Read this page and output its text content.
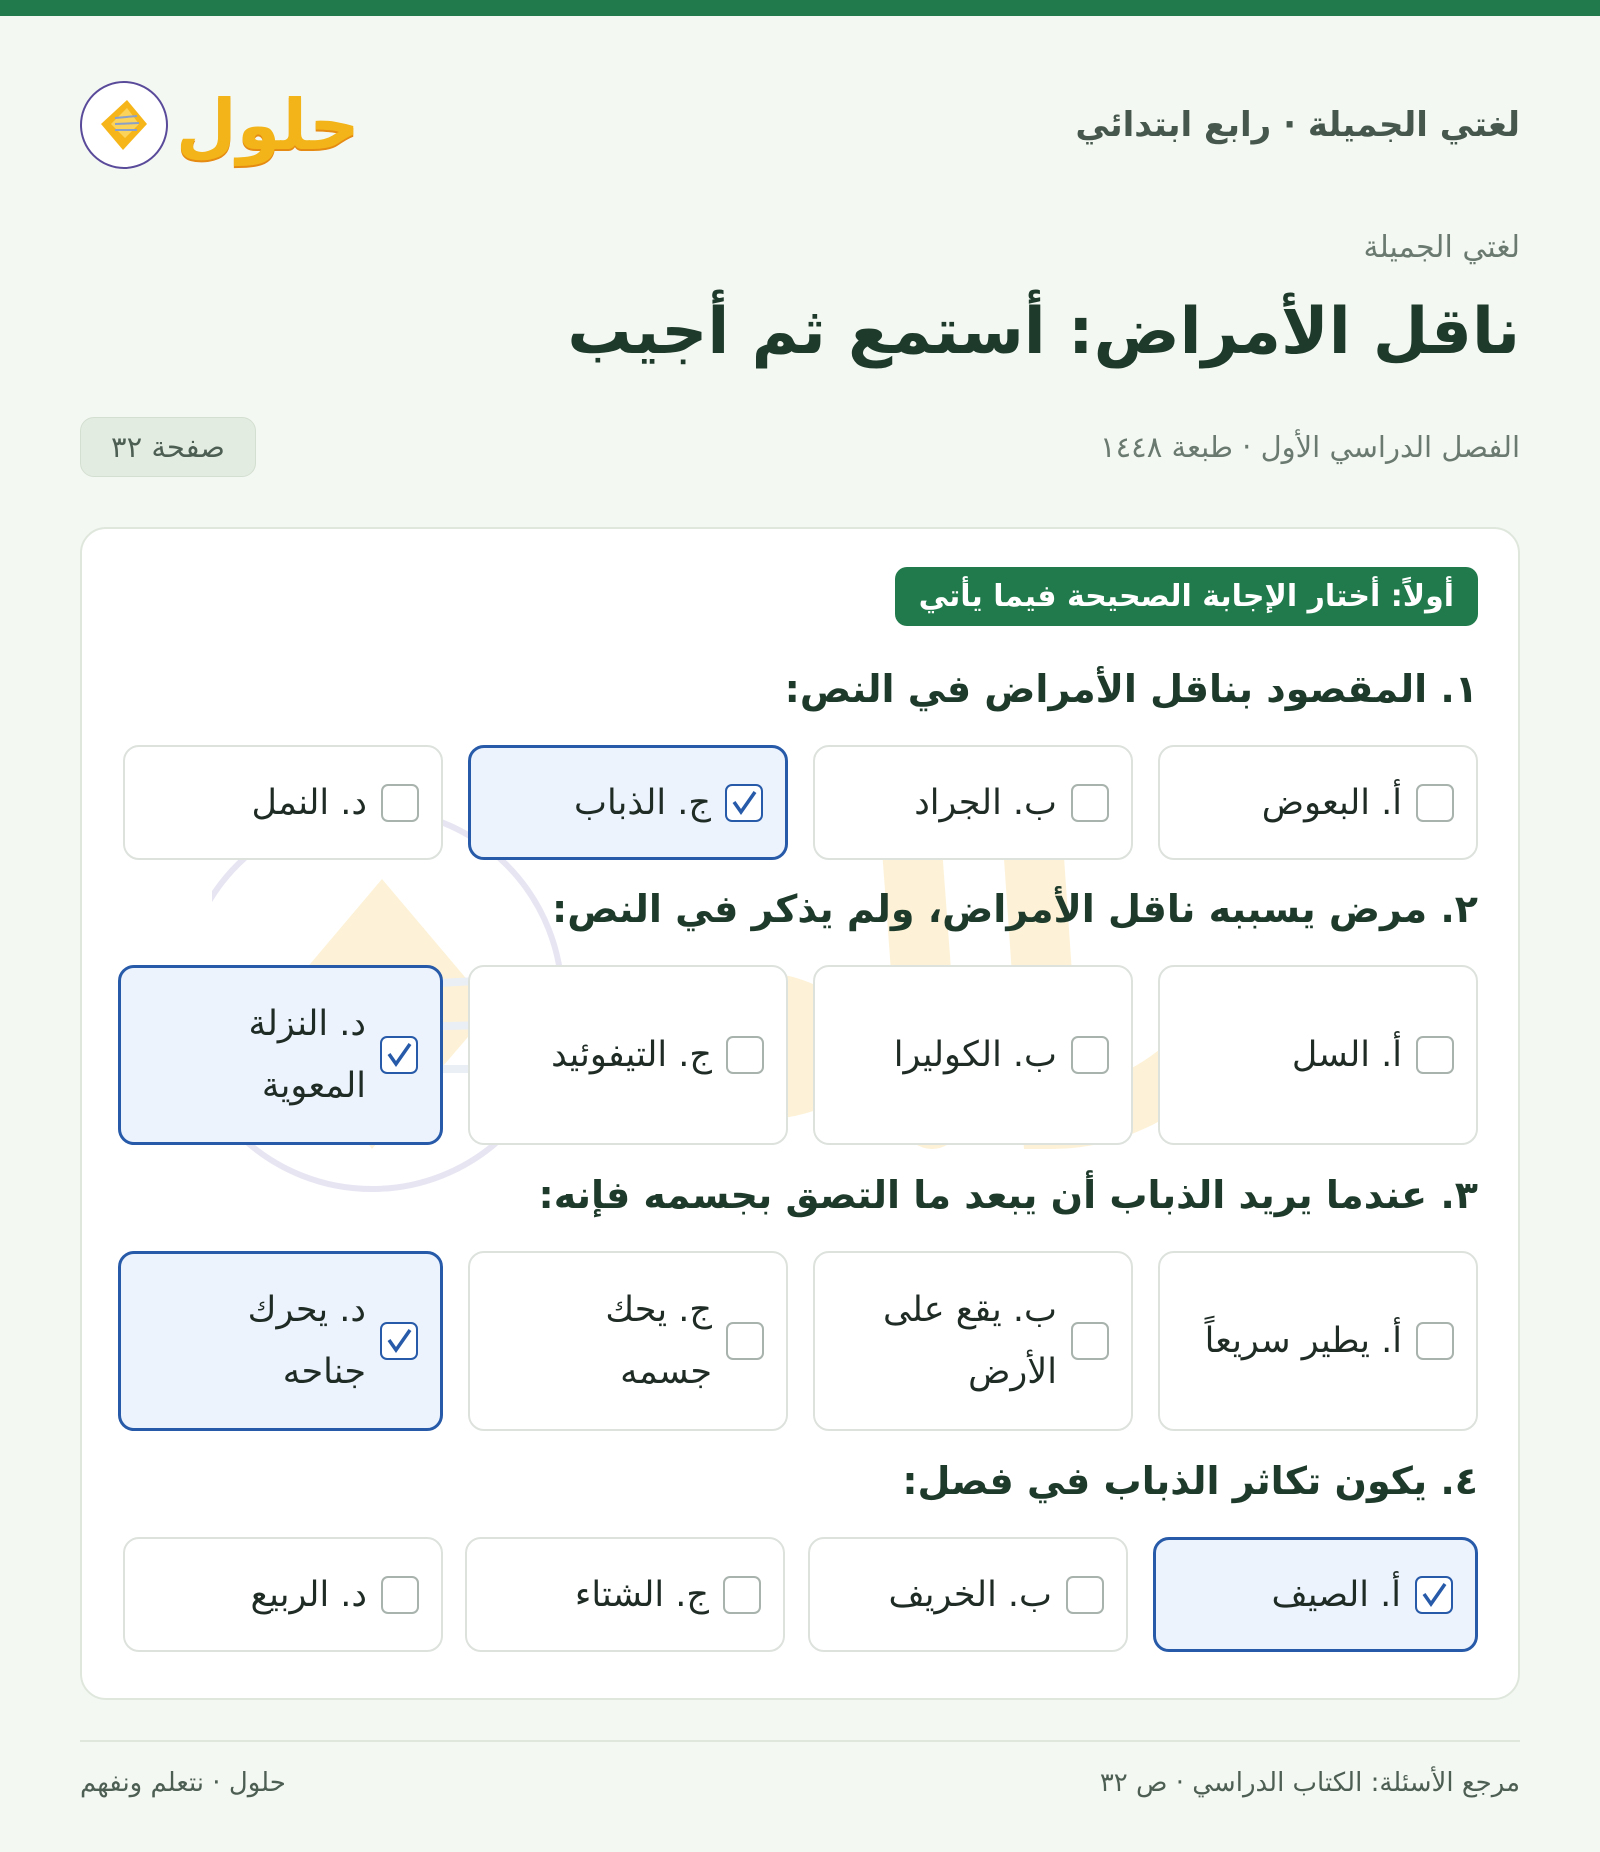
لغتي الجميلة · رابع ابتدائي
حلول
لغتي الجميلة
ناقل الأمراض: أستمع ثم أجيب
الفصل الدراسي الأول · طبعة ١٤٤٨
صفحة ٣٢
أولاً: أختار الإجابة الصحيحة فيما يأتي
١. المقصود بناقل الأمراض في النص:
أ. البعوض
ب. الجراد
ج. الذباب
د. النمل
٢. مرض يسببه ناقل الأمراض، ولم يذكر في النص:
أ. السل
ب. الكوليرا
ج. التيفوئيد
د. النزلة المعوية
٣. عندما يريد الذباب أن يبعد ما التصق بجسمه فإنه:
أ. يطير سريعاً
ب. يقع على الأرض
ج. يحك جسمه
د. يحرك جناحه
٤. يكون تكاثر الذباب في فصل:
أ. الصيف
ب. الخريف
ج. الشتاء
د. الربيع
مرجع الأسئلة: الكتاب الدراسي · ص ٣٢
حلول · نتعلم ونفهم
